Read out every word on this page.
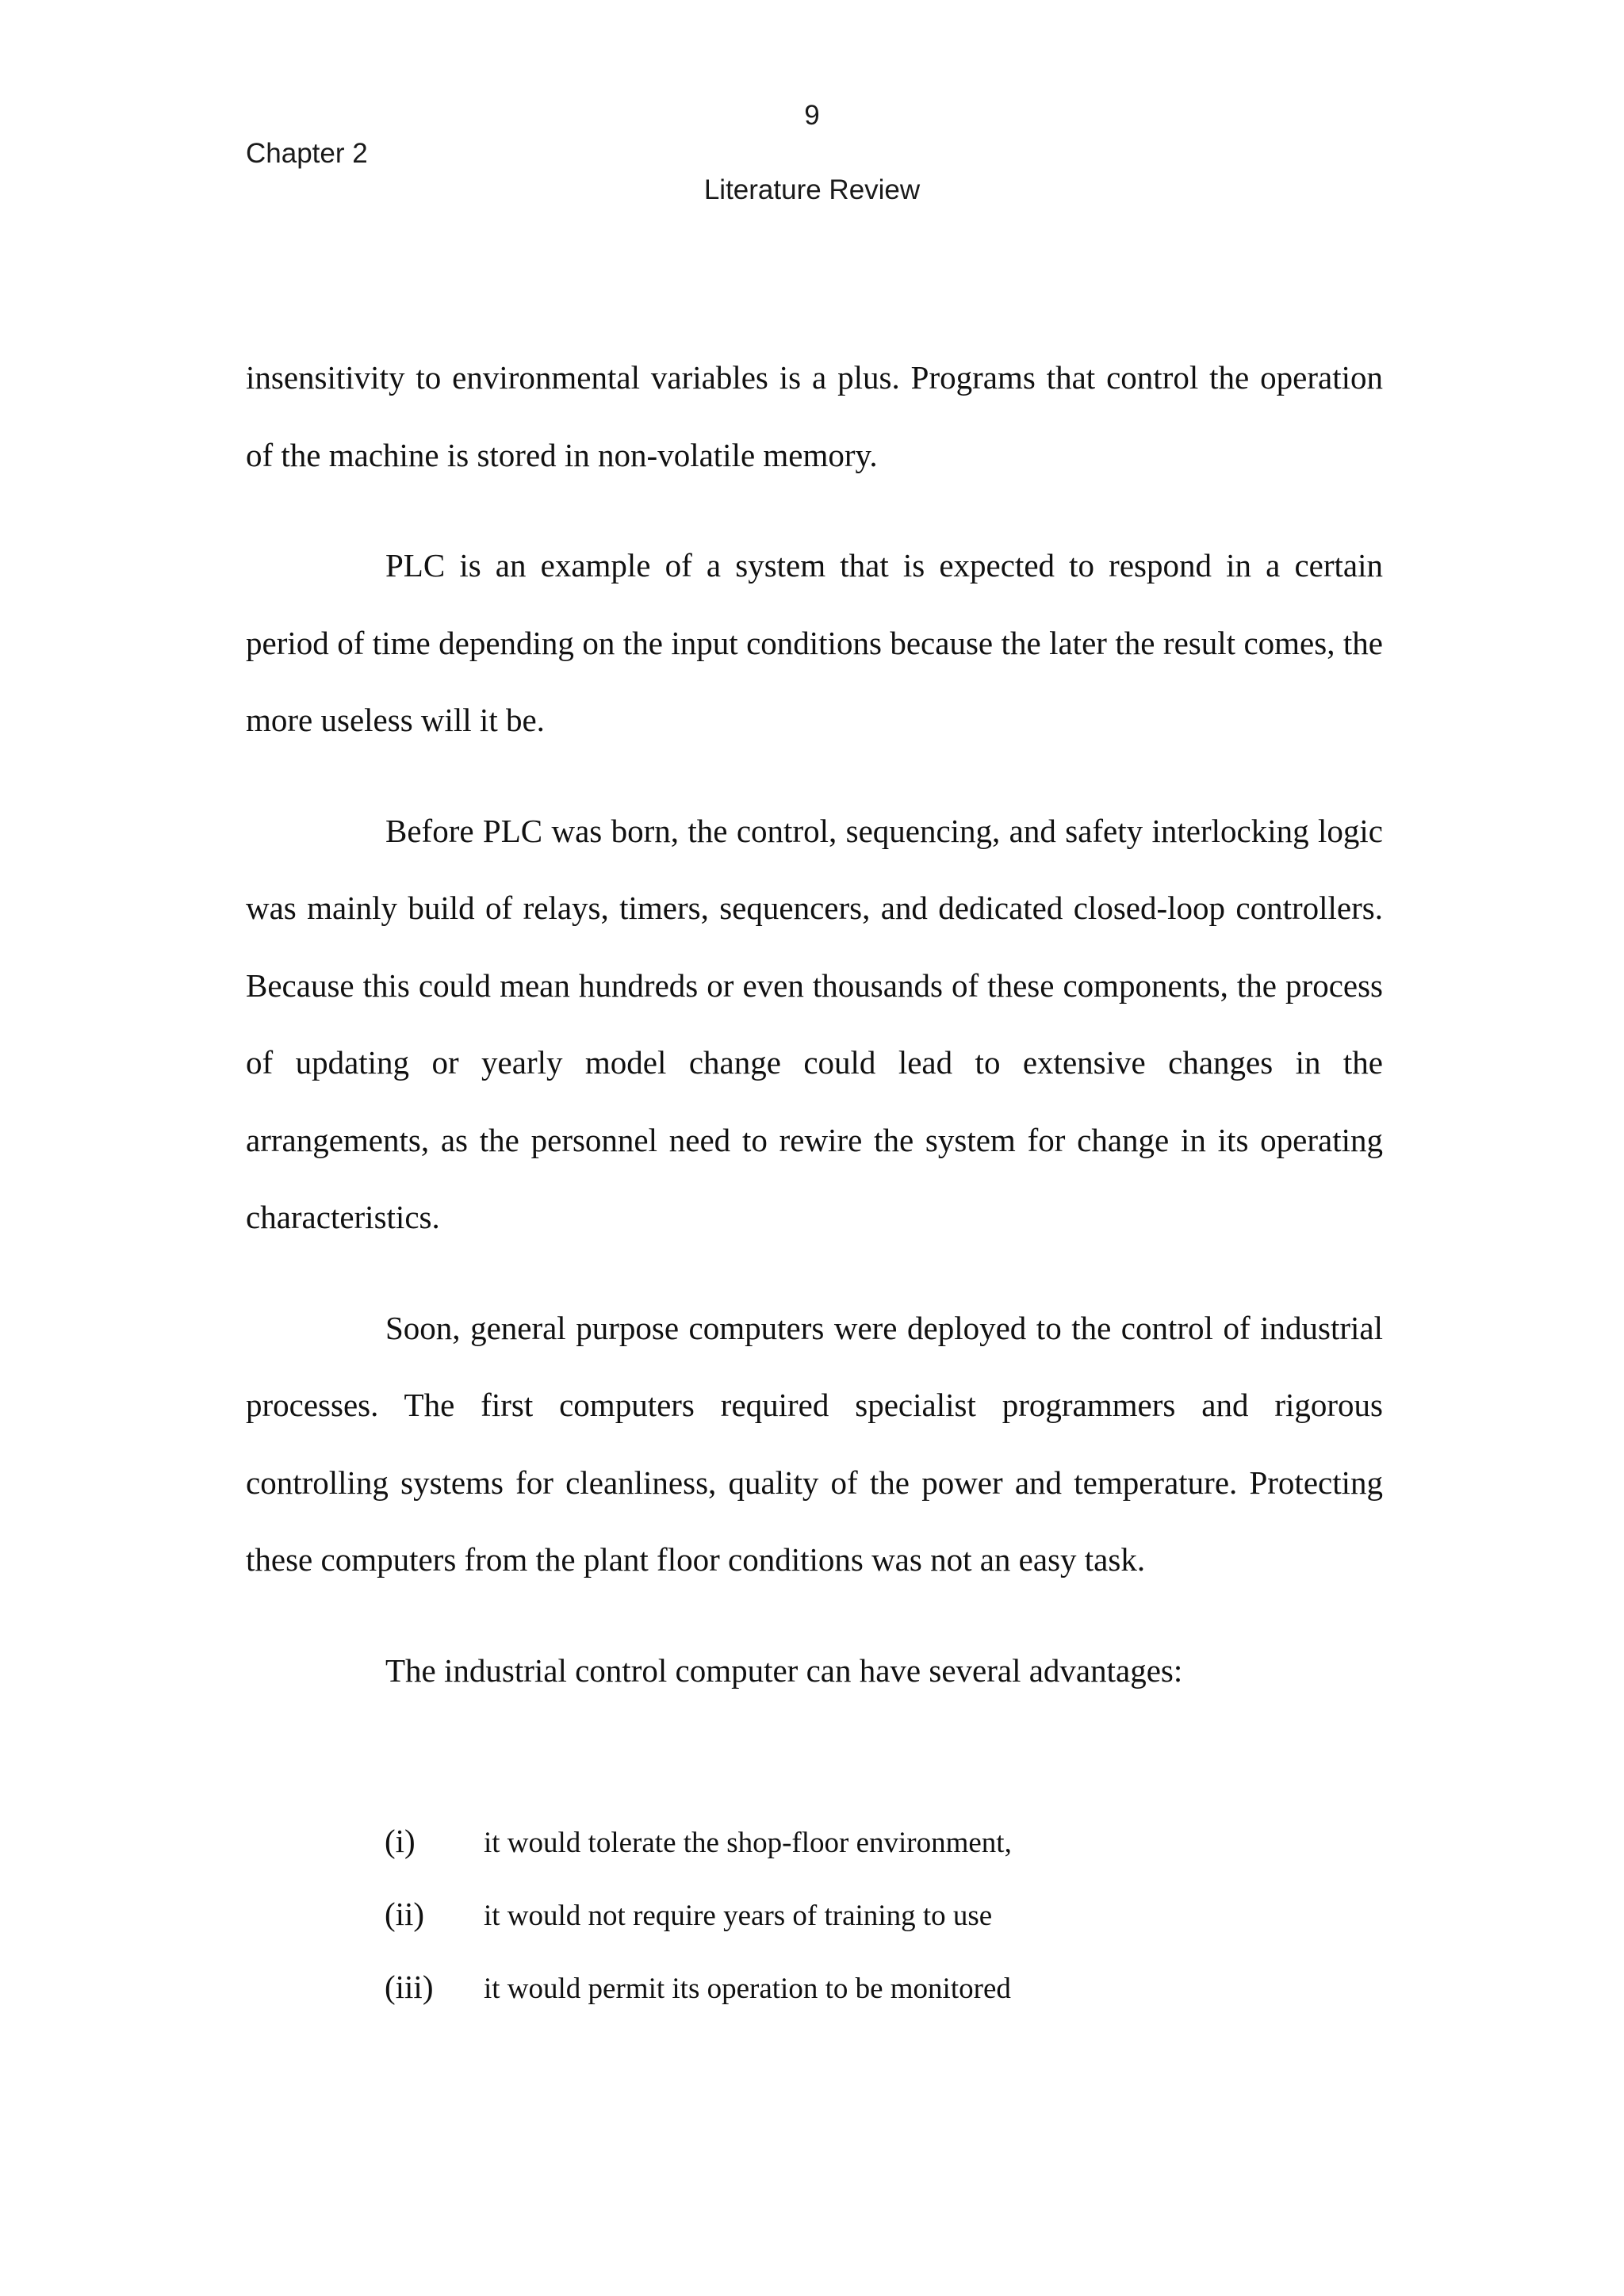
9
Chapter 2
Literature Review

insensitivity to environmental variables is a plus. Programs that control the operation of the machine is stored in non-volatile memory.

PLC is an example of a system that is expected to respond in a certain period of time depending on the input conditions because the later the result comes, the more useless will it be.

Before PLC was born, the control, sequencing, and safety interlocking logic was mainly build of relays, timers, sequencers, and dedicated closed-loop controllers. Because this could mean hundreds or even thousands of these components, the process of updating or yearly model change could lead to extensive changes in the arrangements, as the personnel need to rewire the system for change in its operating characteristics.

Soon, general purpose computers were deployed to the control of industrial processes. The first computers required specialist programmers and rigorous controlling systems for cleanliness, quality of the power and temperature. Protecting these computers from the plant floor conditions was not an easy task.

The industrial control computer can have several advantages:

(i)	it would tolerate the shop-floor environment,
(ii)	it would not require years of training to use
(iii)	it would permit its operation to be monitored
